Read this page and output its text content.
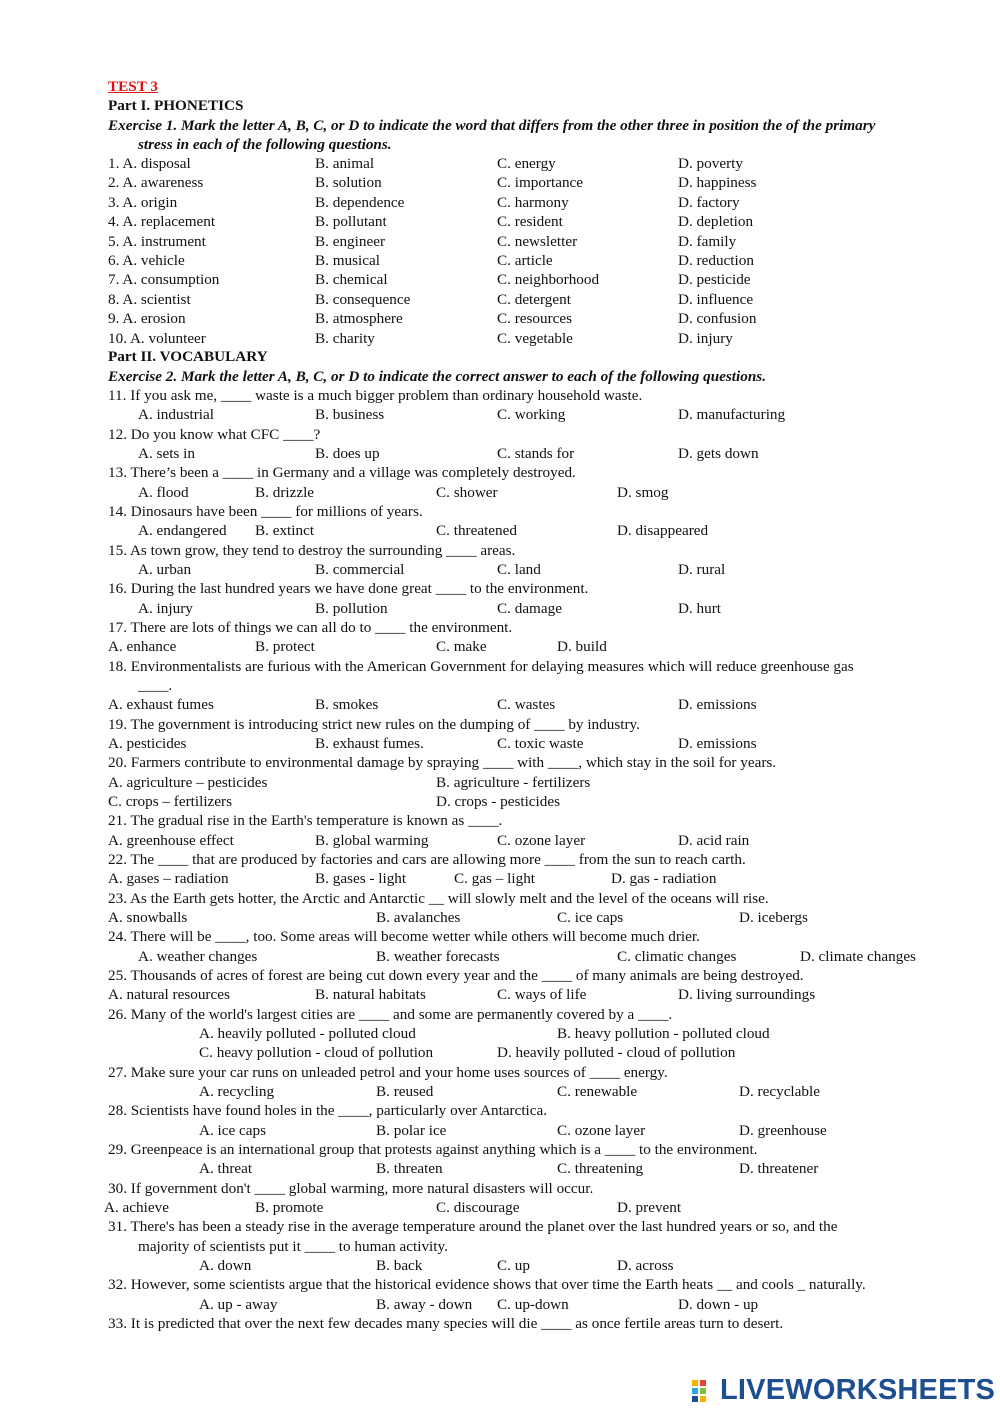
TEST 3
Part I. PHONETICS
Exercise 1. Mark the letter A, B, C, or D to indicate the word that differs from the other three in position the of the primary
stress in each of the following questions.
1. A. disposal	B. animal	C. energy	D. poverty
2. A. awareness	B. solution	C. importance	D. happiness
3. A. origin	B. dependence	C. harmony	D. factory
4. A. replacement	B. pollutant	C. resident	D. depletion
5. A. instrument	B. engineer	C. newsletter	D. family
6. A. vehicle	B. musical	C. article	D. reduction
7. A. consumption	B. chemical	C. neighborhood	D. pesticide
8. A. scientist	B. consequence	C. detergent	D. influence
9. A. erosion	B. atmosphere	C. resources	D. confusion
10. A. volunteer	B. charity	C. vegetable	D. injury
Part II. VOCABULARY
Exercise 2. Mark the letter A, B, C, or D to indicate the correct answer to each of the following questions.
11. If you ask me, ____ waste is a much bigger problem than ordinary household waste.
A. industrial	B. business	C. working	D. manufacturing
12. Do you know what CFC ____?
A. sets in	B. does up	C. stands for	D. gets down
13. There’s been a ____ in Germany and a village was completely destroyed.
A. flood	B. drizzle	C. shower	D. smog
14. Dinosaurs have been ____ for millions of years.
A. endangered B. extinct	C. threatened	D. disappeared
15. As town grow, they tend to destroy the surrounding ____ areas.
A. urban	B. commercial	C. land	D. rural
16. During the last hundred years we have done great ____ to the environment.
A. injury	B. pollution	C. damage	D. hurt
17. There are lots of things we can all do to ____ the environment.
A. enhance	B. protect	C. make	D. build
18. Environmentalists are furious with the American Government for delaying measures which will reduce greenhouse gas
____.
A. exhaust fumes	B. smokes	C. wastes	D. emissions
19. The government is introducing strict new rules on the dumping of ____ by industry.
A. pesticides	B. exhaust fumes.	C. toxic waste	D. emissions
20. Farmers contribute to environmental damage by spraying ____ with ____, which stay in the soil for years.
A. agriculture – pesticides	B. agriculture - fertilizers
C. crops – fertilizers	D. crops - pesticides
21. The gradual rise in the Earth's temperature is known as ____.
A. greenhouse effect	B. global warming	C. ozone layer	D. acid rain
22. The ____ that are produced by factories and cars are allowing more ____ from the sun to reach carth.
A. gases – radiation	B. gases - light	C. gas – light	D. gas - radiation
23. As the Earth gets hotter, the Arctic and Antarctic __ will slowly melt and the level of the oceans will rise.
A. snowballs	B. avalanches	C. ice caps	D. icebergs
24. There will be ____, too. Some areas will become wetter while others will become much drier.
A. weather changes	B. weather forecasts	C. climatic changes	D. climate changes
25. Thousands of acres of forest are being cut down every year and the ____ of many animals are being destroyed.
A. natural resources	B. natural habitats	C. ways of life	D. living surroundings
26. Many of the world's largest cities are ____ and some are permanently covered by a ____.
A. heavily polluted - polluted cloud	B. heavy pollution - polluted cloud
C. heavy pollution - cloud of pollution	D. heavily polluted - cloud of pollution
27. Make sure your car runs on unleaded petrol and your home uses sources of ____ energy.
A. recycling	B. reused	C. renewable	D. recyclable
28. Scientists have found holes in the ____, particularly over Antarctica.
A. ice caps	B. polar ice	C. ozone layer	D. greenhouse
29. Greenpeace is an international group that protests against anything which is a ____ to the environment.
A. threat	B. threaten	C. threatening	D. threatener
30. If government don't ____ global warming, more natural disasters will occur.
A. achieve	B. promote	C. discourage	D. prevent
31. There's has been a steady rise in the average temperature around the planet over the last hundred years or so, and the
majority of scientists put it ____ to human activity.
A. down	B. back	C. up	D. across
32. However, some scientists argue that the historical evidence shows that over time the Earth heats __ and cools _ naturally.
A. up - away	B. away - down C. up-down	D. down - up
33. It is predicted that over the next few decades many species will die ____ as once fertile areas turn to desert.
LIVEWORKSHEETS
